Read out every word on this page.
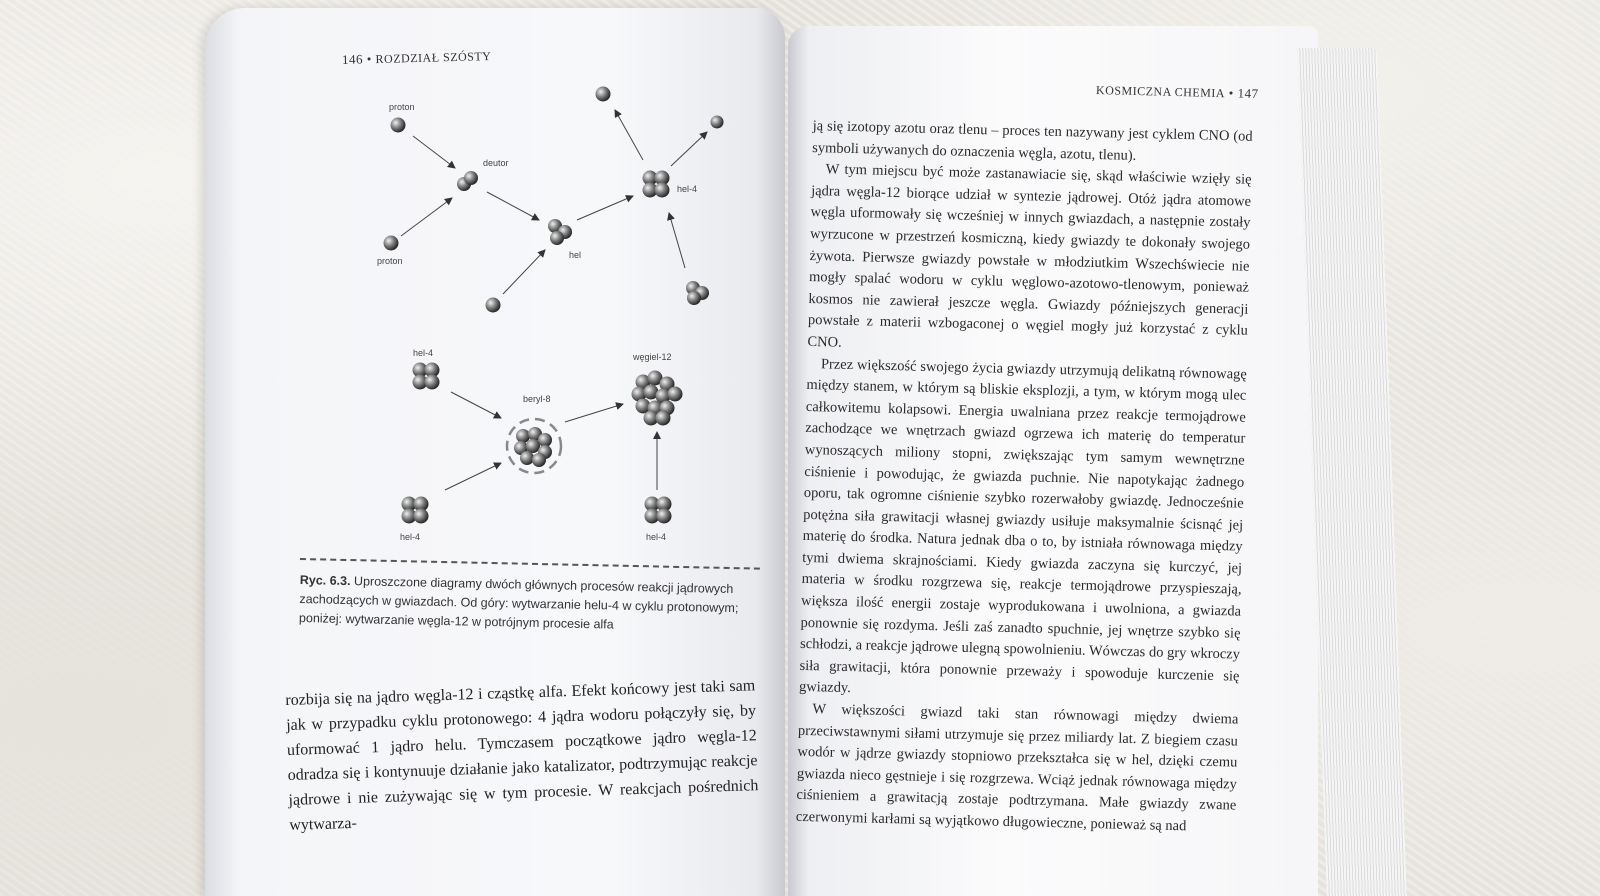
146 • ROZDZIAŁ SZÓSTY
proton
deutor
proton
hel
hel-4
hel-4
beryl-8
węgiel-12
hel-4	hel-4
Ryc. 6.3. Uproszczone diagramy dwóch głównych procesów reakcji jądrowych zachodzących w gwiazdach. Od góry: wytwarzanie helu-4 w cyklu protonowym; poniżej: wytwarzanie węgla-12 w potrójnym procesie alfa

rozbija się na jądro węgla-12 i cząstkę alfa. Efekt końcowy jest taki sam jak w przypadku cyklu protonowego: 4 jądra wodoru połączyły się, by uformować 1 jądro helu. Tymczasem początkowe jądro węgla-12 odradza się i kontynuuje działanie jako katalizator, podtrzymując reakcje jądrowe i nie zużywając się w tym procesie. W reakcjach pośrednich wytwarza-

KOSMICZNA CHEMIA • 147

ją się izotopy azotu oraz tlenu – proces ten nazywany jest cyklem CNO (od symboli używanych do oznaczenia węgla, azotu, tlenu).

W tym miejscu być może zastanawiacie się, skąd właściwie wzięły się jądra węgla-12 biorące udział w syntezie jądrowej. Otóż jądra atomowe węgla uformowały się wcześniej w innych gwiazdach, a następnie zostały wyrzucone w przestrzeń kosmiczną, kiedy gwiazdy te dokonały swojego żywota. Pierwsze gwiazdy powstałe w młodziutkim Wszechświecie nie mogły spalać wodoru w cyklu węglowo-azotowo-tlenowym, ponieważ kosmos nie zawierał jeszcze węgla. Gwiazdy późniejszych generacji powstałe z materii wzbogaconej o węgiel mogły już korzystać z cyklu CNO.

Przez większość swojego życia gwiazdy utrzymują delikatną równowagę między stanem, w którym są bliskie eksplozji, a tym, w którym mogą ulec całkowitemu kolapsowi. Energia uwalniana przez reakcje termojądrowe zachodzące we wnętrzach gwiazd ogrzewa ich materię do temperatur wynoszących miliony stopni, zwiększając tym samym wewnętrzne ciśnienie i powodując, że gwiazda puchnie. Nie napotykając żadnego oporu, tak ogromne ciśnienie szybko rozerwałoby gwiazdę. Jednocześnie potężna siła grawitacji własnej gwiazdy usiłuje maksymalnie ścisnąć jej materię do środka. Natura jednak dba o to, by istniała równowaga między tymi dwiema skrajnościami. Kiedy gwiazda zaczyna się kurczyć, jej materia w środku rozgrzewa się, reakcje termojądrowe przyspieszają, większa ilość energii zostaje wyprodukowana i uwolniona, a gwiazda ponownie się rozdyma. Jeśli zaś zanadto spuchnie, jej wnętrze szybko się schłodzi, a reakcje jądrowe ulegną spowolnieniu. Wówczas do gry wkroczy siła grawitacji, która ponownie przeważy i spowoduje kurczenie się gwiazdy.

W większości gwiazd taki stan równowagi między dwiema przeciwstawnymi siłami utrzymuje się przez miliardy lat. Z biegiem czasu wodór w jądrze gwiazdy stopniowo przekształca się w hel, dzięki czemu gwiazda nieco gęstnieje i się rozgrzewa. Wciąż jednak równowaga między ciśnieniem a grawitacją zostaje podtrzymana. Małe gwiazdy zwane czerwonymi karłami są wyjątkowo długowieczne, ponieważ są nad
